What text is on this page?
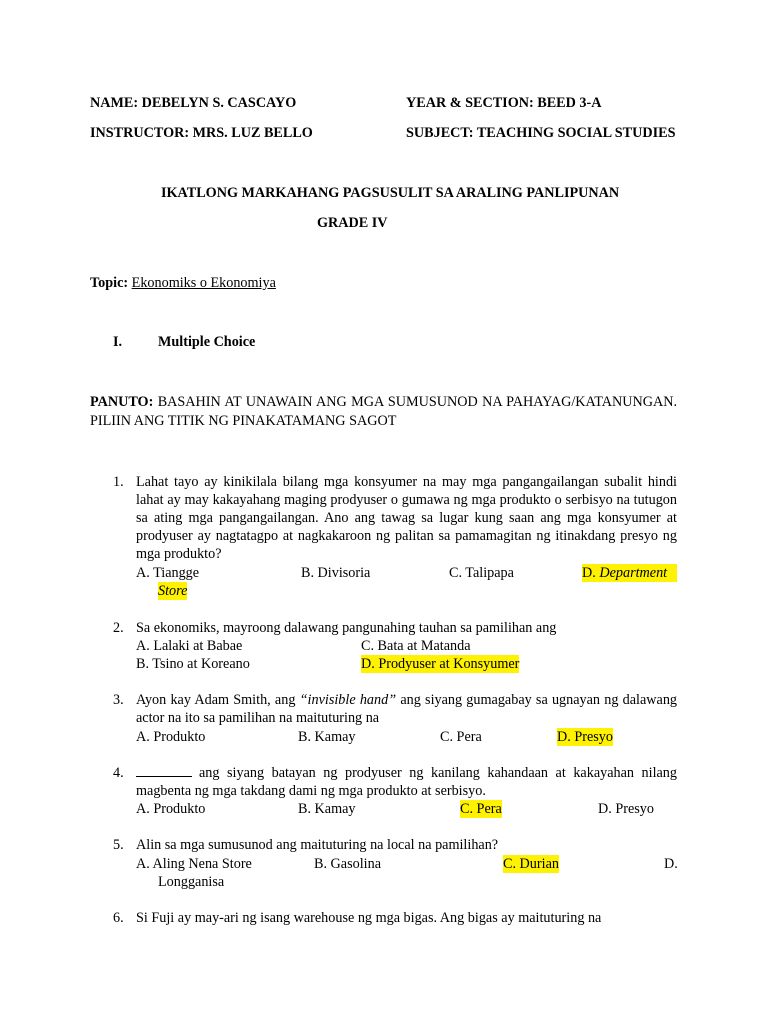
NAME: DEBELYN S. CASCAYO	YEAR & SECTION: BEED 3-A
INSTRUCTOR: MRS. LUZ BELLO	SUBJECT: TEACHING SOCIAL STUDIES
IKATLONG MARKAHANG PAGSUSULIT SA ARALING PANLIPUNAN
GRADE IV
Topic: Ekonomiks o Ekonomiya
I.	Multiple Choice
PANUTO: BASAHIN AT UNAWAIN ANG MGA SUMUSUNOD NA PAHAYAG/KATANUNGAN.
PILIIN ANG TITIK NG PINAKATAMANG SAGOT
1. Lahat tayo ay kinikilala bilang mga konsyumer na may mga pangangailangan subalit hindi lahat ay may kakayahang maging prodyuser o gumawa ng mga produkto o serbisyo na tutugon sa ating mga pangangailangan. Ano ang tawag sa lugar kung saan ang mga konsyumer at prodyuser ay nagtatagpo at nagkakaroon ng palitan sa pamamagitan ng itinakdang presyo ng mga produkto?
A. Tiangge	B. Divisoria	C. Talipapa	D. Department
Store
2. Sa ekonomiks, mayroong dalawang pangunahing tauhan sa pamilihan ang
A. Lalaki at Babae	C. Bata at Matanda
B. Tsino at Koreano	D. Prodyuser at Konsyumer
3. Ayon kay Adam Smith, ang “invisible hand” ang siyang gumagabay sa ugnayan ng dalawang actor na ito sa pamilihan na maituturing na
A. Produkto	B. Kamay	C. Pera	D. Presyo
4.	ang siyang batayan ng prodyuser ng kanilang kahandaan at kakayahan nilang magbenta ng mga takdang dami ng mga produkto at serbisyo.
A. Produkto	B. Kamay	C. Pera	D. Presyo
5. Alin sa mga sumusunod ang maituturing na local na pamilihan?
A. Aling Nena Store	B. Gasolina	C. Durian	D.
Longganisa
6. Si Fuji ay may-ari ng isang warehouse ng mga bigas. Ang bigas ay maituturing na
